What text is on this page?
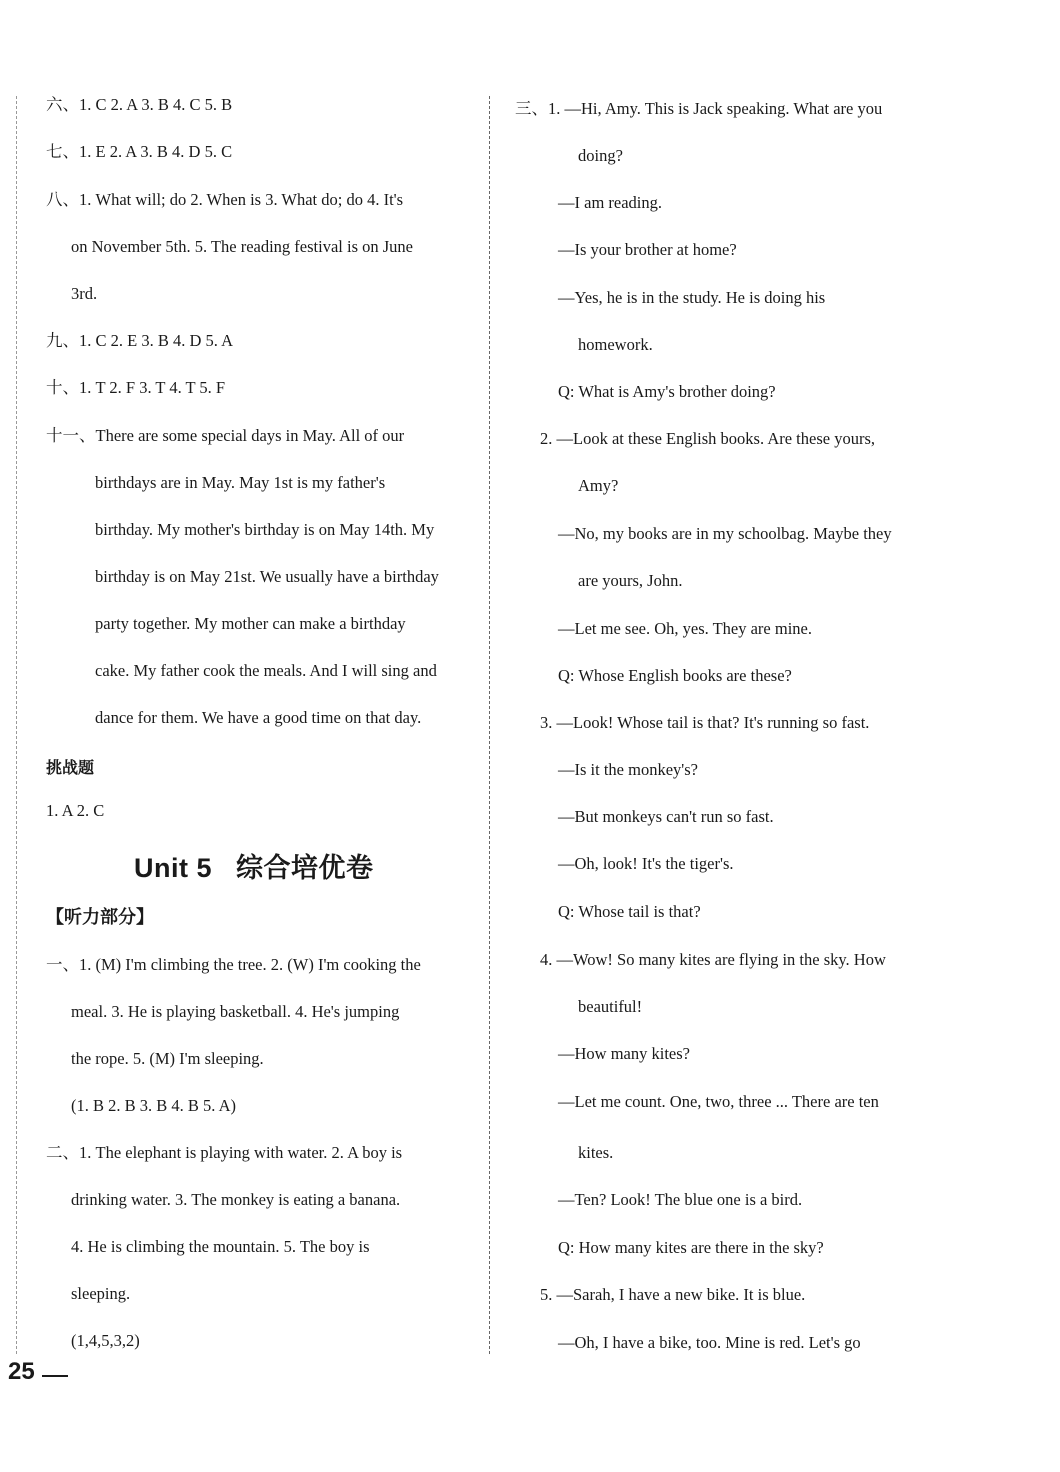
六、1. C 2. A 3. B 4. C 5. B
七、1. E 2. A 3. B 4. D 5. C
八、1. What will; do 2. When is 3. What do; do 4. It's
on November 5th. 5. The reading festival is on June
3rd.
九、1. C 2. E 3. B 4. D 5. A
十、1. T 2. F 3. T 4. T 5. F
十一、There are some special days in May. All of our
birthdays are in May. May 1st is my father's
birthday. My mother's birthday is on May 14th. My
birthday is on May 21st. We usually have a birthday
party together. My mother can make a birthday
cake. My father cook the meals. And I will sing and
dance for them. We have a good time on that day.
挑战题
1. A 2. C
Unit 5 综合培优卷
【听力部分】
一、1. (M) I'm climbing the tree. 2. (W) I'm cooking the
meal. 3. He is playing basketball. 4. He's jumping
the rope. 5. (M) I'm sleeping.
(1. B 2. B 3. B 4. B 5. A)
二、1. The elephant is playing with water. 2. A boy is
drinking water. 3. The monkey is eating a banana.
4. He is climbing the mountain. 5. The boy is
sleeping.
(1,4,5,3,2)
三、1. —Hi, Amy. This is Jack speaking. What are you
doing?
—I am reading.
—Is your brother at home?
—Yes, he is in the study. He is doing his
homework.
Q: What is Amy's brother doing?
2. —Look at these English books. Are these yours,
Amy?
—No, my books are in my schoolbag. Maybe they
are yours, John.
—Let me see. Oh, yes. They are mine.
Q: Whose English books are these?
3. —Look! Whose tail is that? It's running so fast.
—Is it the monkey's?
—But monkeys can't run so fast.
—Oh, look! It's the tiger's.
Q: Whose tail is that?
4. —Wow! So many kites are flying in the sky. How
beautiful!
—How many kites?
—Let me count. One, two, three ... There are ten
kites.
—Ten? Look! The blue one is a bird.
Q: How many kites are there in the sky?
5. —Sarah, I have a new bike. It is blue.
—Oh, I have a bike, too. Mine is red. Let's go
25
